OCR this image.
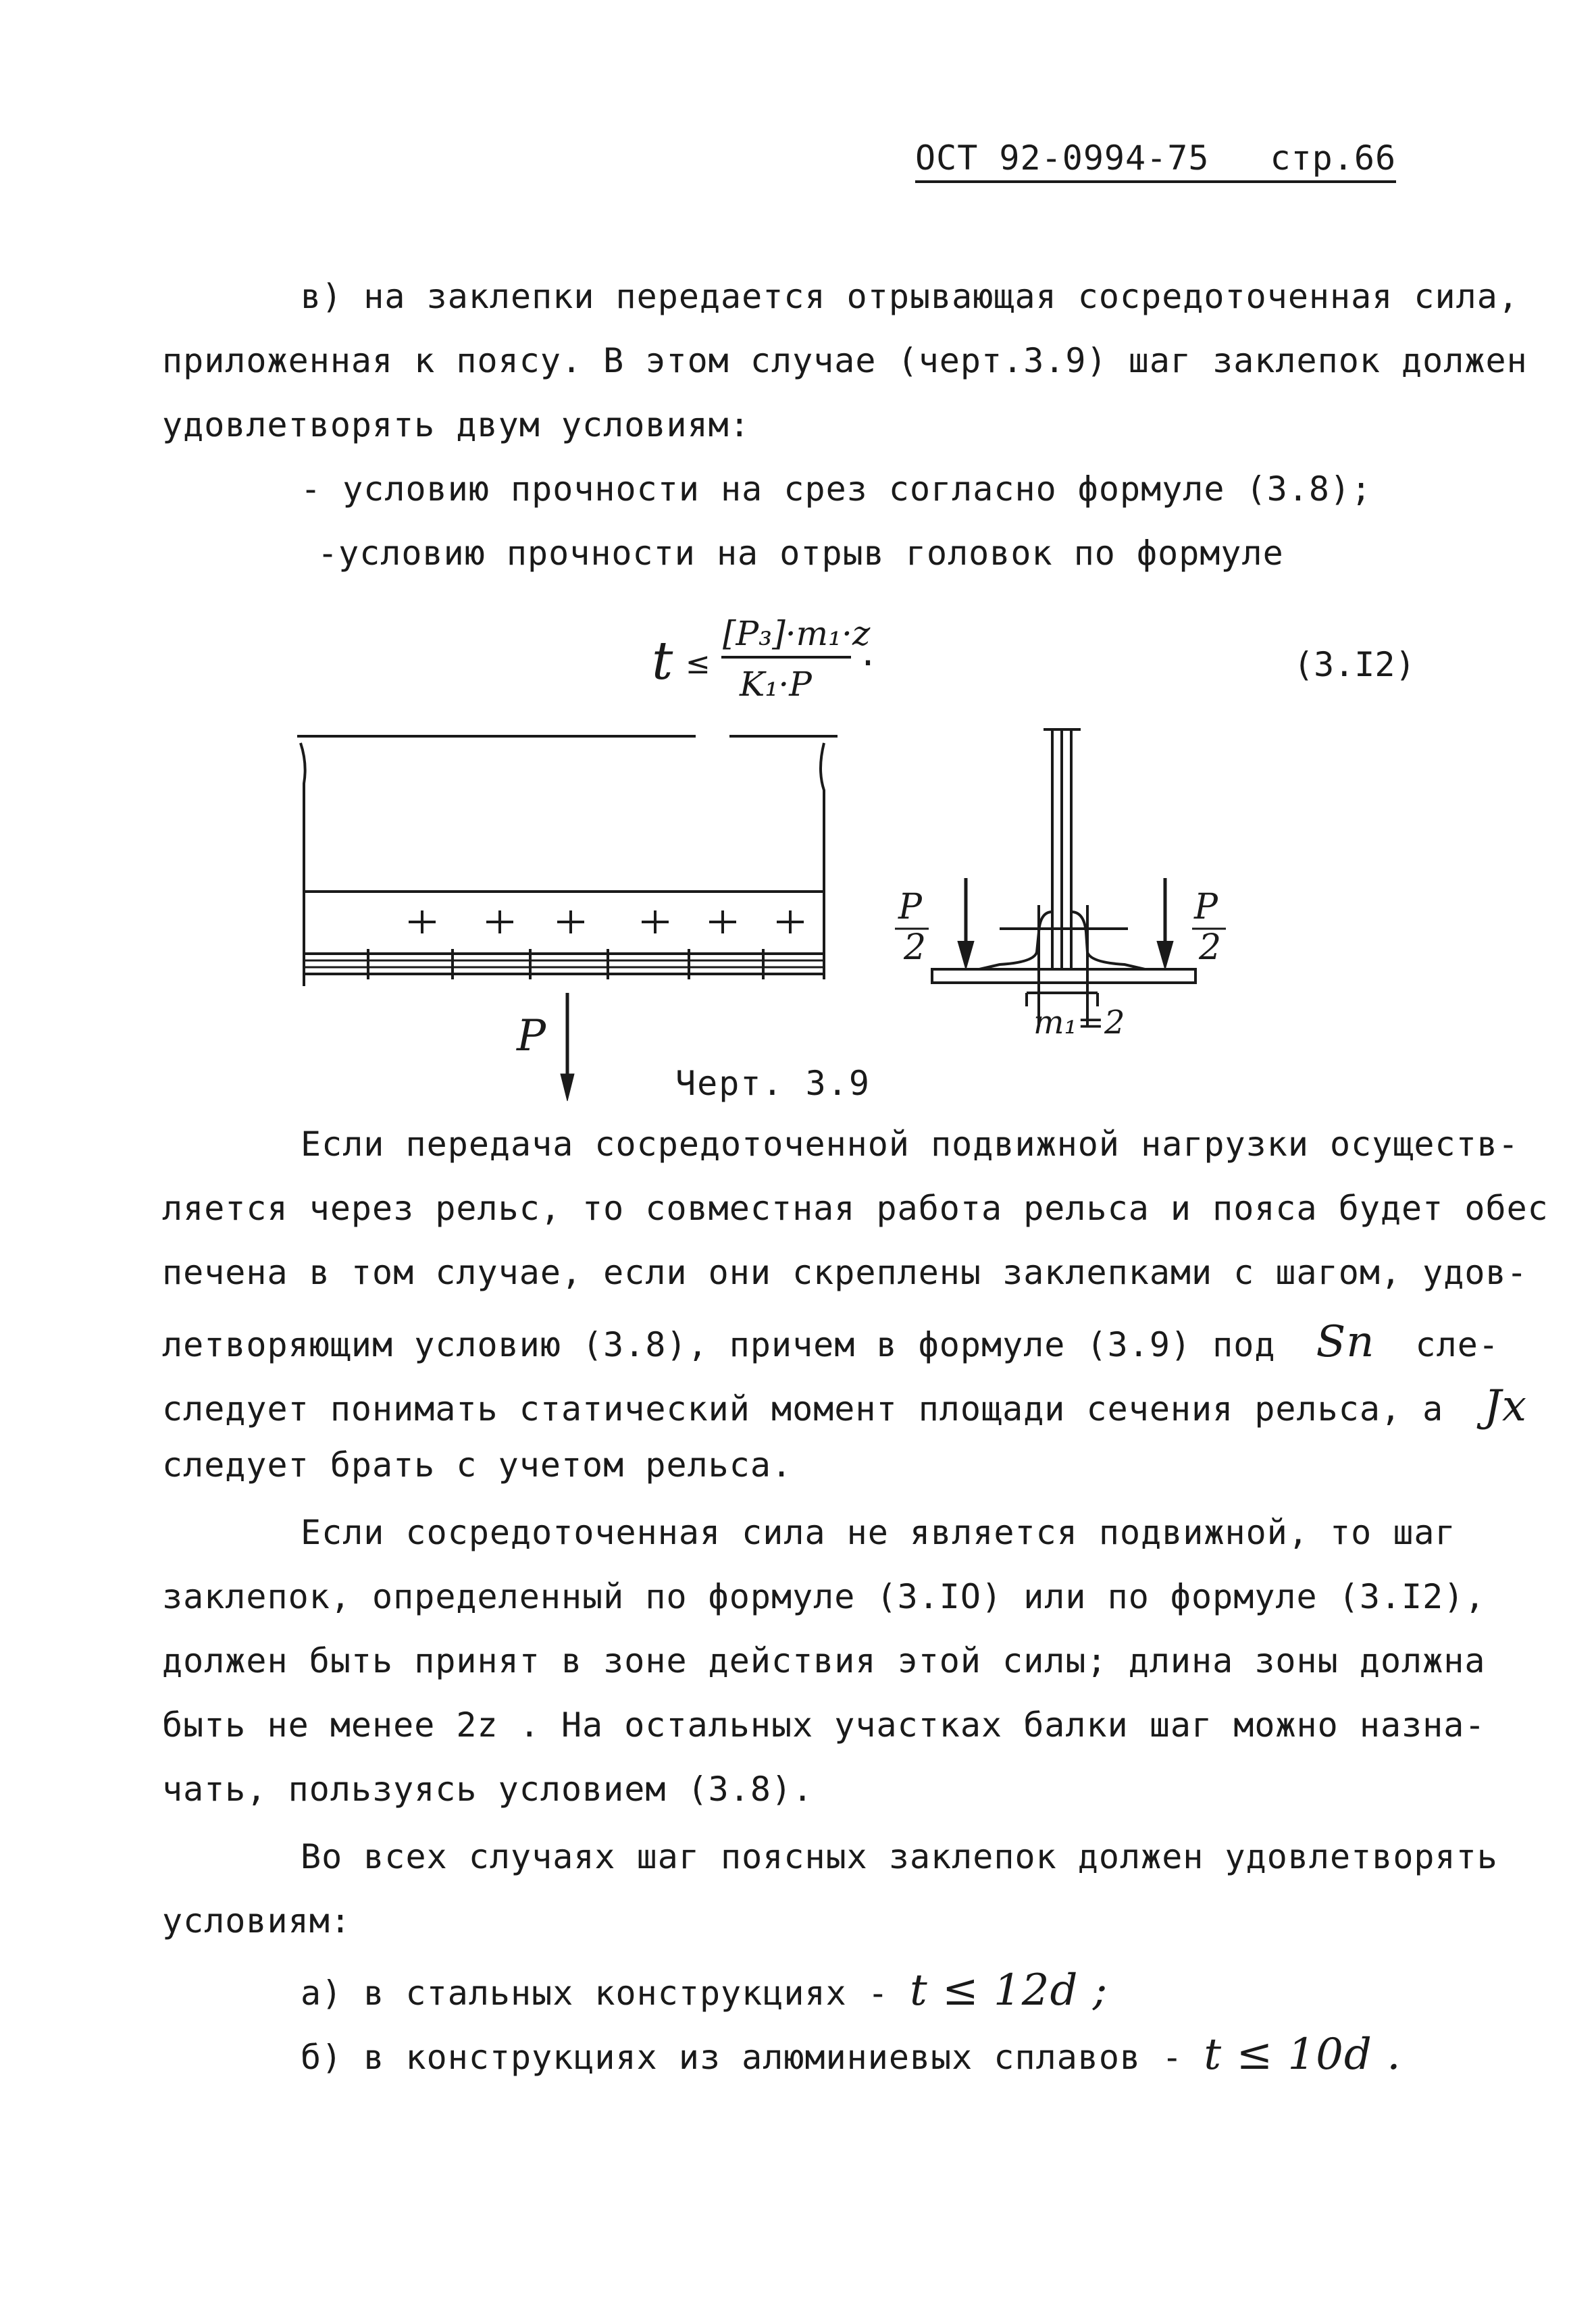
ОСТ 92-0994-75 стр.66
в) на заклепки передается отрывающая сосредоточенная сила,
приложенная к поясу. В этом случае (черт.3.9) шаг заклепок должен
удовлетворять двум условиям:
- условию прочности на срез согласно формуле (3.8);
-условию прочности на отрыв головок по формуле
t ≤
[P₃]·m₁·z
K₁·P
.	(3.I2)
P
P
2
P
2
m₁=2
Черт. 3.9
Если передача сосредоточенной подвижной нагрузки осуществ-
ляется через рельс, то совместная работа рельса и пояса будет обес
печена в том случае, если они скреплены заклепками с шагом, удов-
летворяющим условию (3.8), причем в формуле (3.9) под Sn сле-
следует понимать статический момент площади сечения рельса, а Jx
следует брать с учетом рельса.
Если сосредоточенная сила не является подвижной, то шаг
заклепок, определенный по формуле (3.IO) или по формуле (3.I2),
должен быть принят в зоне действия этой силы; длина зоны должна
быть не менее 2z . На остальных участках балки шаг можно назна-
чать, пользуясь условием (3.8).
Во всех случаях шаг поясных заклепок должен удовлетворять
условиям:
а) в стальных конструкциях - t ≤ 12d ;
б) в конструкциях из алюминиевых сплавов - t ≤ 10d .
